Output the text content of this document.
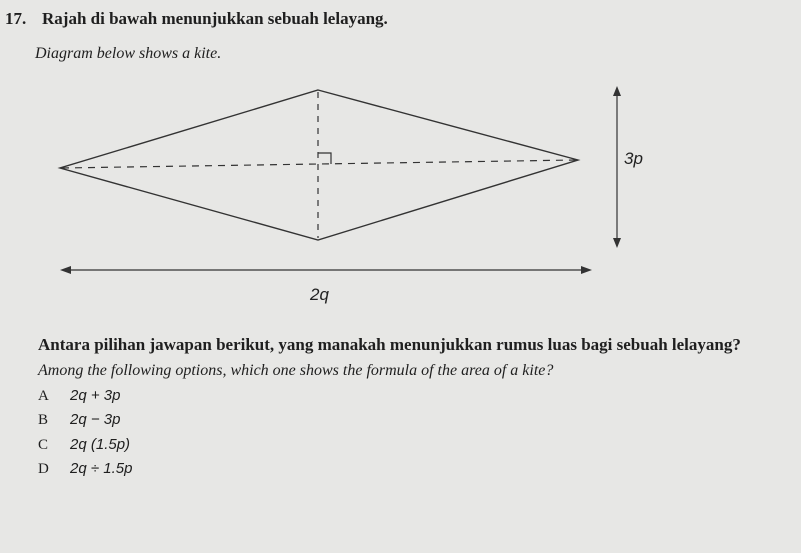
17. Rajah di bawah menunjukkan sebuah lelayang.
Diagram below shows a kite.
3p
2q
Antara pilihan jawapan berikut, yang manakah menunjukkan rumus luas bagi sebuah lelayang?
Among the following options, which one shows the formula of the area of a kite?
A 2q + 3p
B 2q − 3p
C 2q (1.5p)
D 2q ÷ 1.5p
